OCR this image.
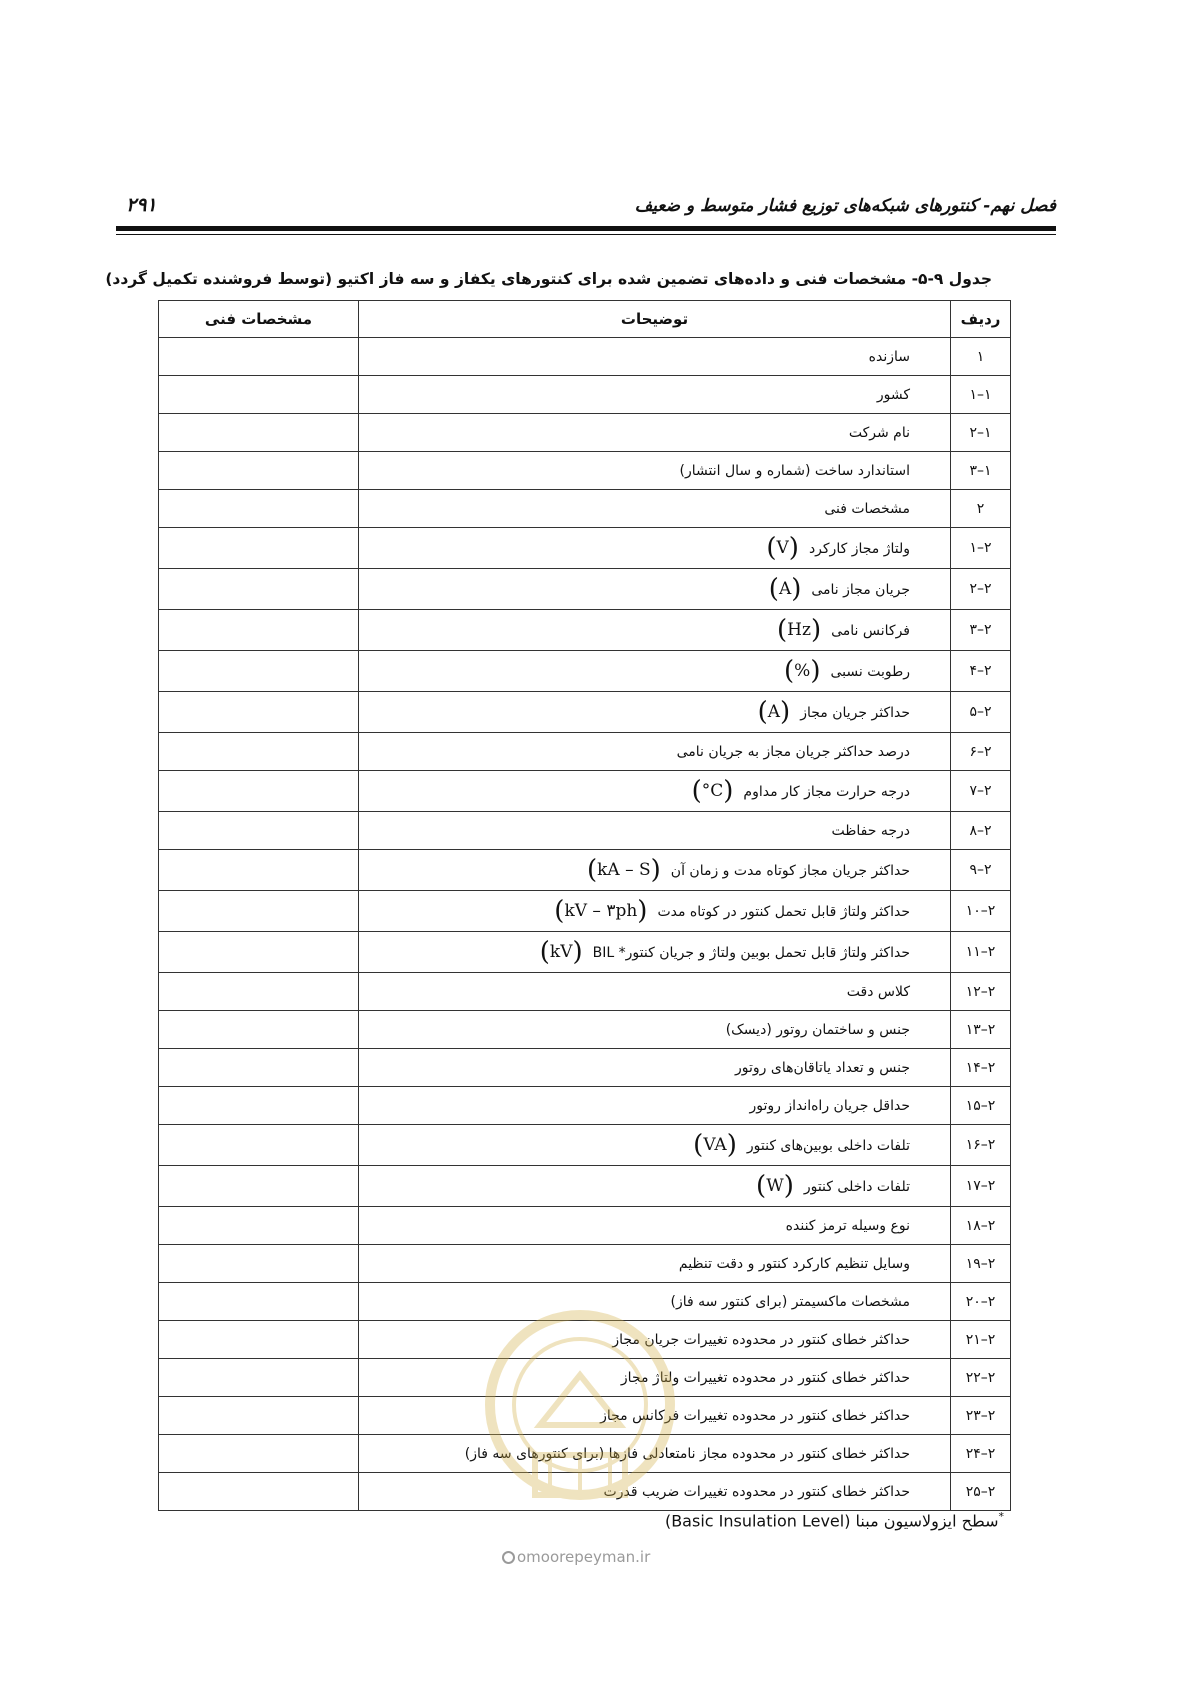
فصل نهم- کنتورهای شبکه‌های توزیع فشار متوسط و ضعیف
۲۹۱
جدول ۹-۵- مشخصات فنی و داده‌های تضمین شده برای کنتورهای یکفاز و سه فاز اکتیو (توسط فروشنده تکمیل گردد)
ردیف	توضیحات	مشخصات فنی
۱	سازنده	
۱–۱	کشور	
۱–۲	نام شرکت	
۱–۳	استاندارد ساخت (شماره و سال انتشار)	
۲	مشخصات فنی	
۲–۱	ولتاژ مجاز کارکرد(V)	
۲–۲	جریان مجاز نامی(A)	
۲–۳	فرکانس نامی(Hz)	
۲–۴	رطوبت نسبی(%)	
۲–۵	حداکثر جریان مجاز(A)	
۲–۶	درصد حداکثر جریان مجاز به جریان نامی	
۲–۷	درجه حرارت مجاز کار مداوم(°C)	
۲–۸	درجه حفاظت	
۲–۹	حداکثر جریان مجاز کوتاه مدت و زمان آن(kA – S)	
۲–۱۰	حداکثر ولتاژ قابل تحمل کنتور در کوتاه مدت(kV – ۳ph)	
۲–۱۱	حداکثر ولتاژ قابل تحمل بوبین ولتاژ و جریان کنتور* BIL(kV)	
۲–۱۲	کلاس دقت	
۲–۱۳	جنس و ساختمان روتور (دیسک)	
۲–۱۴	جنس و تعداد یاتاقان‌های روتور	
۲–۱۵	حداقل جریان راه‌انداز روتور	
۲–۱۶	تلفات داخلی بوبین‌های کنتور(VA)	
۲–۱۷	تلفات داخلی کنتور(W)	
۲–۱۸	نوع وسیله ترمز کننده	
۲–۱۹	وسایل تنظیم کارکرد کنتور و دقت تنظیم	
۲–۲۰	مشخصات ماکسیمتر (برای کنتور سه فاز)	
۲–۲۱	حداکثر خطای کنتور در محدوده تغییرات جریان مجاز	
۲–۲۲	حداکثر خطای کنتور در محدوده تغییرات ولتاژ مجاز	
۲–۲۳	حداکثر خطای کنتور در محدوده تغییرات فرکانس مجاز	
۲–۲۴	حداکثر خطای کنتور در محدوده مجاز نامتعادلی فازها (برای کنتورهای سه فاز)	
۲–۲۵	حداکثر خطای کنتور در محدوده تغییرات ضریب قدرت	
*سطح ایزولاسیون مبنا (Basic Insulation Level)
omoorepeyman.ir
